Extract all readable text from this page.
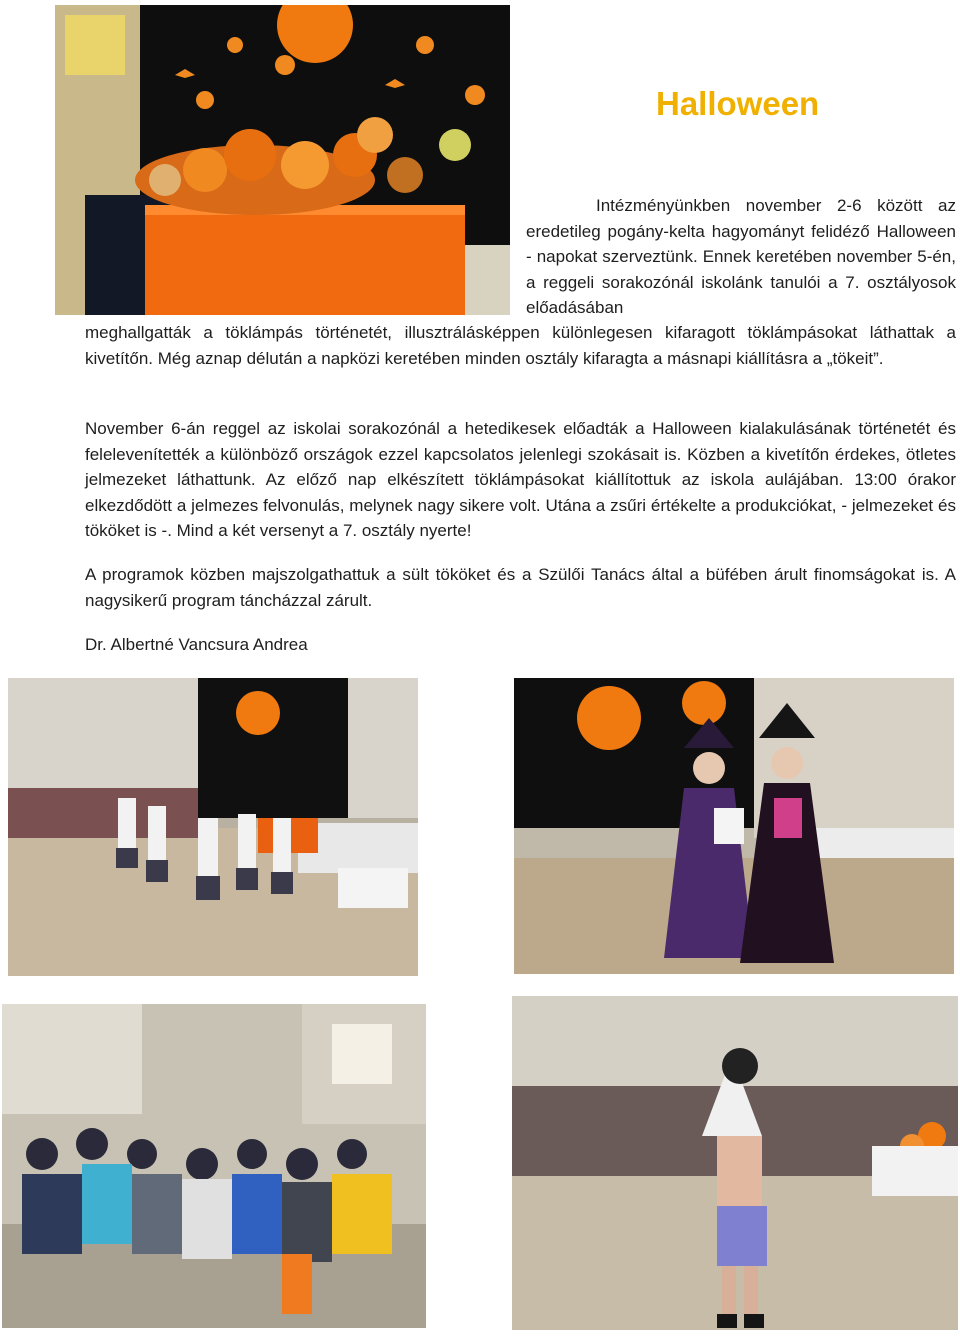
Halloween

Intézményünkben november 2-6 között az eredetileg pogány-kelta hagyományt felidéző Halloween - napokat szerveztünk. Ennek keretében november 5-én, a reggeli sorakozónál iskolánk tanulói a 7. osztályosok előadásában

meghallgatták a töklámpás történetét, illusztrálásképpen különlegesen kifaragott töklámpásokat láthattak a kivetítőn. Még aznap délután a napközi keretében minden osztály kifaragta a másnapi kiállításra a „tökeit”.

November 6-án reggel az iskolai sorakozónál a hetedikesek előadták a Halloween kialakulásának történetét és felelevenítették a különböző országok ezzel kapcsolatos jelenlegi szokásait is. Közben a kivetítőn érdekes, ötletes jelmezeket láthattunk. Az előző nap elkészített töklámpásokat kiállítottuk az iskola aulájában. 13:00 órakor elkezdődött a jelmezes felvonulás, melynek nagy sikere volt. Utána a zsűri értékelte a produkciókat, - jelmezeket és tököket is -. Mind a két versenyt a 7. osztály nyerte!

A programok közben majszolgathattuk a sült tököket és a Szülői Tanács által a büfében árult finomságokat is. A nagysikerű program táncházzal zárult.

Dr. Albertné Vancsura Andrea
